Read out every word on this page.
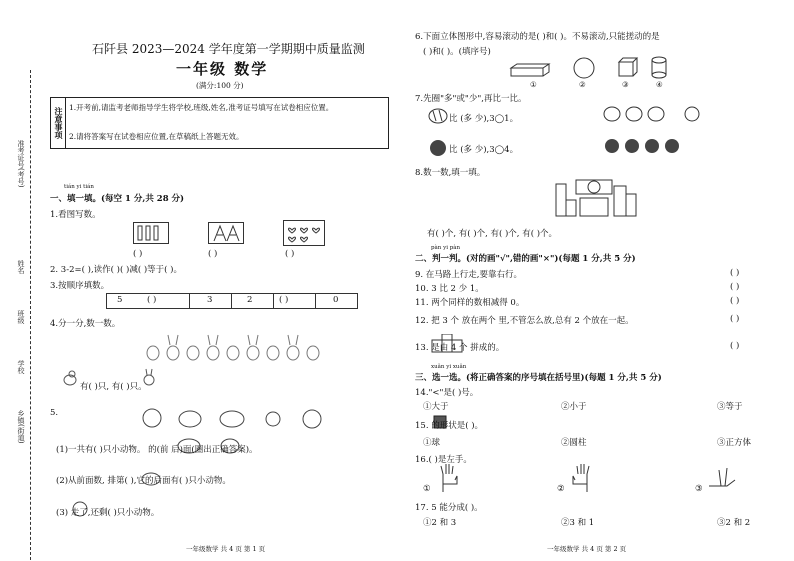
准考证号(考号)
姓名
班级
学校
乡镇(街道)
石阡县 2023—2024 学年度第一学期期中质量监测
一年级 数学
(满分:100 分)
注意事项 1.开考前,请监考老师指导学生将学校,班级,姓名,准考证号填写在试卷相应位置。
2.请将答案写在试卷相应位置,在草稿纸上答题无效。
tián yi tián
一、填一填。(每空 1 分,共 28 分)
1.看图写数。
( )	( )	( )
2. 3-2=( ),读作( )( )减( )等于( )。
3.按顺序填数。
5	( )	3	2	( )	0
4.分一分,数一数。
有( )只, 有( )只。
5.
(1)一共有( )只小动物。 的(前 后)面(圈出正确答案)。
(2)从前面数, 排第( ),它的后面有( )只小动物。
(3) 走了,还剩( )只小动物。
一年级数学 共 4 页 第 1 页
6.下面立体图形中,容易滚动的是( )和( )。不易滚动,只能搓动的是
( )和( )。(填序号)
①	②	③	④
7.先圈"多"或"少",再比一比。
比 (多 少),3◯1。
比 (多 少),3◯4。
8.数一数,填一填。
有( )个, 有( )个, 有( )个, 有( )个。
pàn yi pàn
二、判一判。(对的画"√",错的画"×")(每题 1 分,共 5 分)
9. 在马路上行走,要靠右行。	( )
10. 3 比 2 少 1。	( )
11. 两个同样的数相减得 0。	( )
12. 把 3 个 放在两个 里,不管怎么放,总有 2 个放在一起。	( )
13. 是由 4 个 拼成的。	( )
xuǎn yi xuǎn
三、选一选。(将正确答案的序号填在括号里)(每题 1 分,共 5 分)
14."<"是( )号。
①大于	②小于	③等于
15. 的形状是( )。
①球	②圆柱	③正方体
16.( )是左手。
①	②	③
17. 5 能分成( )。
①2 和 3	②3 和 1	③2 和 2
一年级数学 共 4 页 第 2 页
